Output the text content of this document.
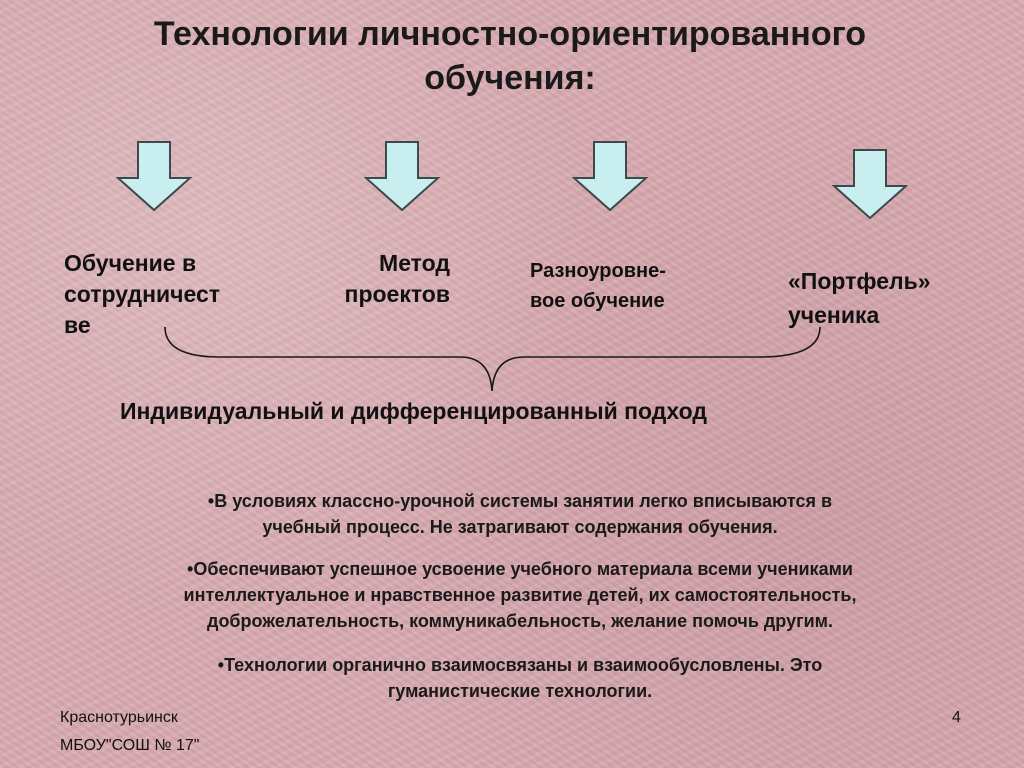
Технологии личностно-ориентированного
обучения:
Обучение в
сотрудничест
ве
Метод
проектов
Разноуровне-
вое обучение
«Портфель»
ученика
Индивидуальный и дифференцированный подход
•В условиях классно-урочной системы занятии легко вписываются в
учебный процесс. Не затрагивают содержания обучения.
•Обеспечивают успешное усвоение учебного материала всеми учениками
интеллектуальное и нравственное развитие детей, их самостоятельность,
доброжелательность, коммуникабельность, желание помочь другим.
•Технологии органично взаимосвязаны и взаимообусловлены. Это
гуманистические технологии.
Краснотурьинск
МБОУ"СОШ № 17"
4
